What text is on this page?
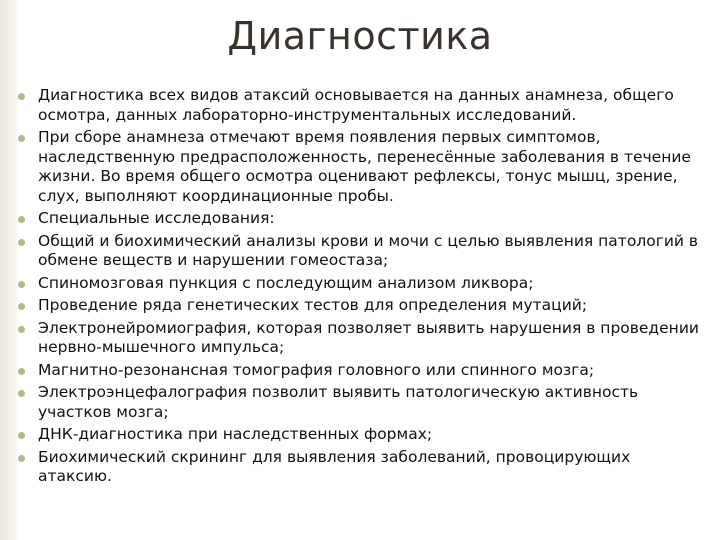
Диагностика
Диагностика всех видов атаксий основывается на данных анамнеза, общего осмотра, данных лабораторно-инструментальных исследований.
При сборе анамнеза отмечают время появления первых симптомов, наследственную предрасположенность, перенесённые заболевания в течение жизни. Во время общего осмотра оценивают рефлексы, тонус мышц, зрение, слух, выполняют координационные пробы.
Специальные исследования:
Общий и биохимический анализы крови и мочи с целью выявления патологий в обмене веществ и нарушении гомеостаза;
Спиномозговая пункция с последующим анализом ликвора;
Проведение ряда генетических тестов для определения мутаций;
Электронейромиография, которая позволяет выявить нарушения в проведении нервно-мышечного импульса;
Магнитно-резонансная томография головного или спинного мозга;
Электроэнцефалография позволит выявить патологическую активность участков мозга;
ДНК-диагностика при наследственных формах;
Биохимический скрининг для выявления заболеваний, провоцирующих атаксию.
